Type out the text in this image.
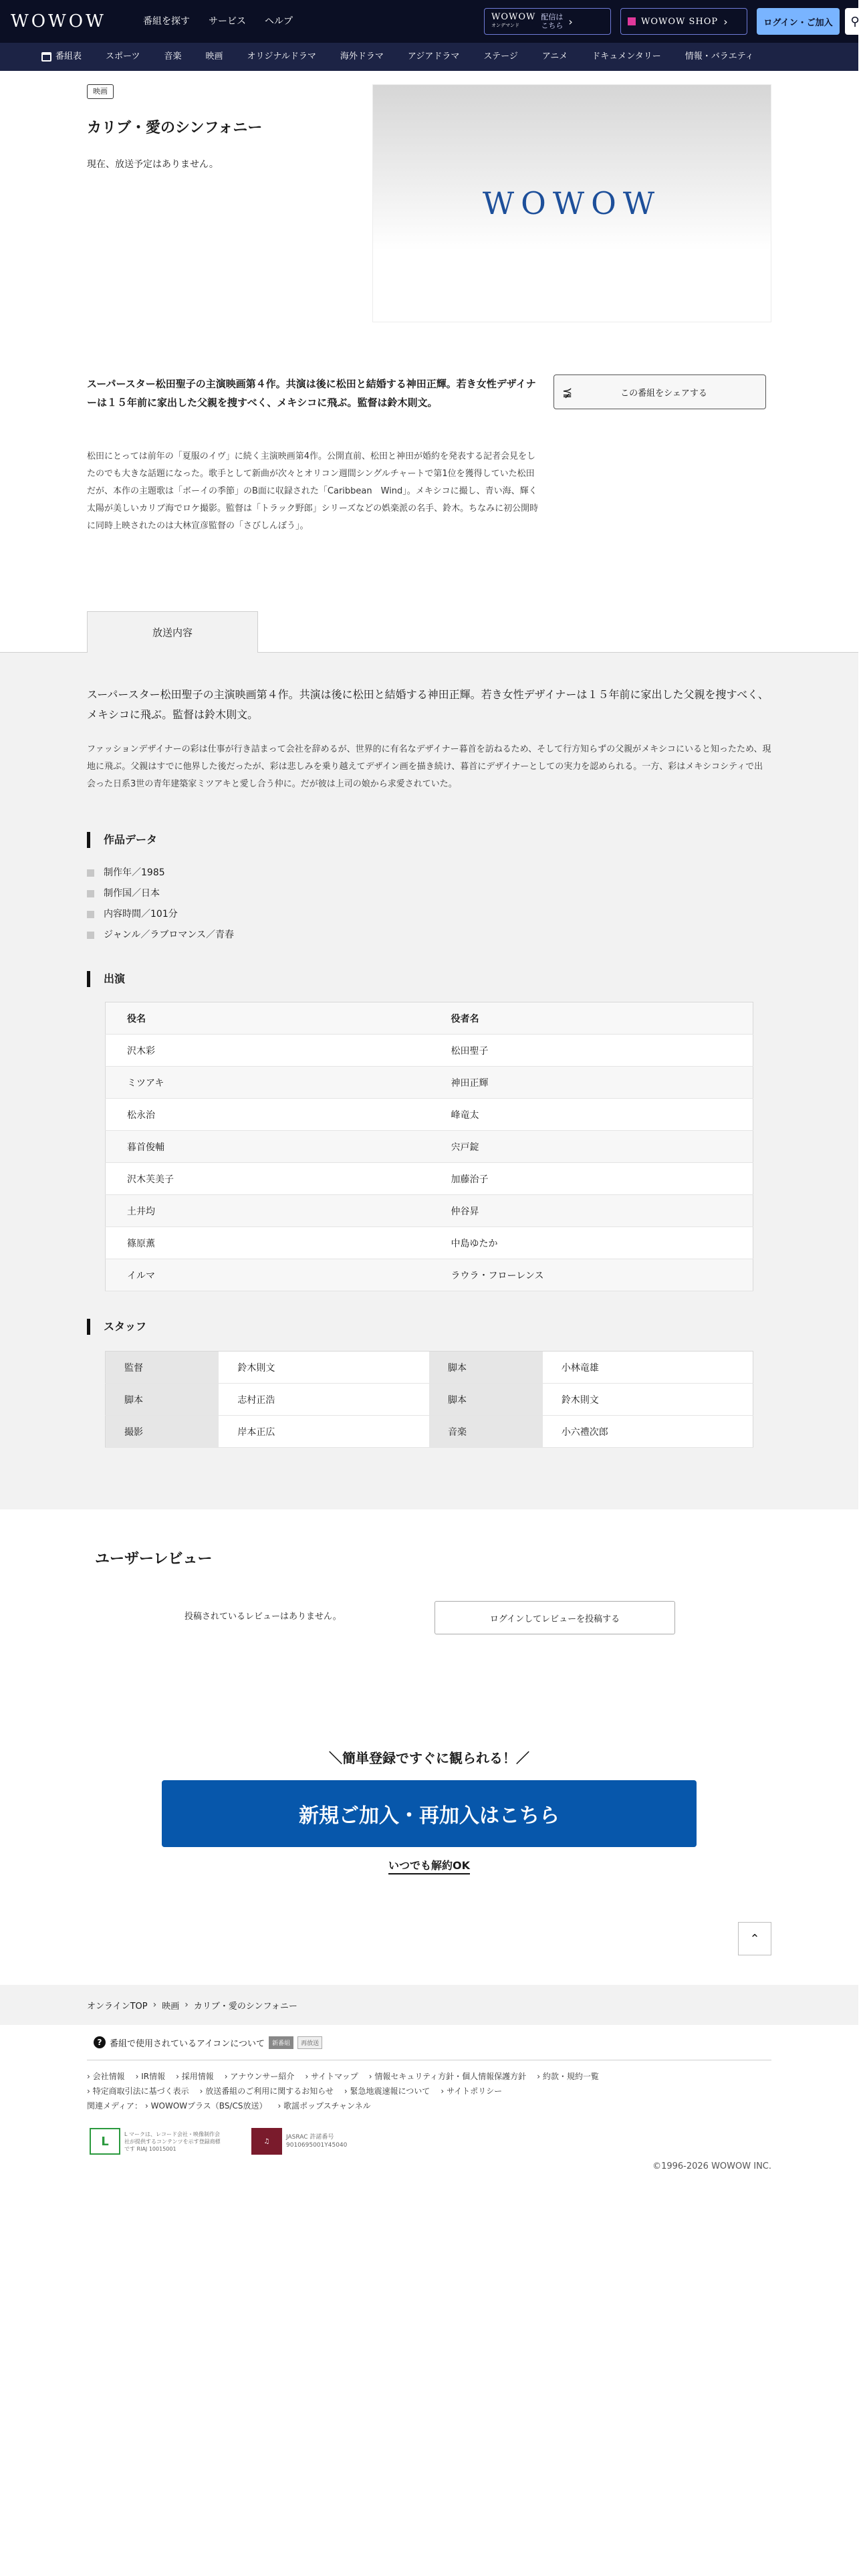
WOWOW	番組を探す	サービス	ヘルプ	WOWOW
オンデマンド
配信は
こちら ›	WOWOW SHOP ›	ログイン・ご加入	⚲
番組表	スポーツ	音楽	映画	オリジナルドラマ	海外ドラマ	アジアドラマ	ステージ	アニメ	ドキュメンタリー	情報・バラエティ
映画
カリブ・愛のシンフォニー

現在、放送予定はありません。

WOWOW

スーパースター松田聖子の主演映画第４作。共演は後に松田と結婚する神田正輝。若き女性デザイナーは１５年前に家出した父親を捜すべく、メキシコに飛ぶ。監督は鈴木則文。

松田にとっては前年の「夏服のイヴ」に続く主演映画第4作。公開直前、松田と神田が婚約を発表する記者会見をしたのでも大きな話題になった。歌手として新曲が次々とオリコン週間シングルチャートで第1位を獲得していた松田だが、本作の主題歌は「ボーイの季節」のB面に収録された「Caribbean　Wind」。メキシコに撮し、青い海、輝く太陽が美しいカリブ海でロケ撮影。監督は「トラック野郎」シリーズなどの娯楽派の名手、鈴木。ちなみに初公開時に同時上映されたのは大林宣彦監督の「さびしんぼう」。

⪵	この番組をシェアする
放送内容

スーパースター松田聖子の主演映画第４作。共演は後に松田と結婚する神田正輝。若き女性デザイナーは１５年前に家出した父親を捜すべく、メキシコに飛ぶ。監督は鈴木則文。

ファッションデザイナーの彩は仕事が行き詰まって会社を辞めるが、世界的に有名なデザイナー暮首を訪ねるため、そして行方知らずの父親がメキシコにいると知ったため、現地に飛ぶ。父親はすでに他界した後だったが、彩は悲しみを乗り越えてデザイン画を描き続け、暮首にデザイナーとしての実力を認められる。一方、彩はメキシコシティで出会った日系3世の青年建築家ミツアキと愛し合う仲に。だが彼は上司の娘から求愛されていた。

作品データ
制作年／1985
制作国／日本
内容時間／101分
ジャンル／ラブロマンス／青春
出演
役名	役者名
沢木彩	松田聖子
ミツアキ	神田正輝
松永治	峰竜太
暮首俊輔	宍戸錠
沢木芙美子	加藤治子
土井均	仲谷昇
篠原薫	中島ゆたか
イルマ	ラウラ・フローレンス
スタッフ
監督	鈴木則文	脚本	小林竜雄
脚本	志村正浩	脚本	鈴木則文
撮影	岸本正広	音楽	小六禮次郎
ユーザーレビュー

投稿されているレビューはありません。	ログインしてレビューを投稿する

＼簡単登録ですぐに観られる！／

新規ご加入・再加入はこちら

いつでも解約OK

⌃
オンラインTOP › 映画 › カリブ・愛のシンフォニー
? 番組で使用されているアイコンについて	新番組	再放送
› 会社情報	› IR情報	› 採用情報	› アナウンサー紹介	› サイトマップ	› 情報セキュリティ方針・個人情報保護方針	› 約款・規約一覧
› 特定商取引法に基づく表示	› 放送番組のご利用に関するお知らせ	› 緊急地震速報について	› サイトポリシー
関連メディア：	› WOWOWプラス（BS/CS放送）	› 歌謡ポップスチャンネル
L
L マークは、レコード会社・映像制作会社が提供するコンテンツを示す登録商標です RIAJ 10015001
♫
JASRAC 許諾番号
9010695001Y45040

©1996-2026 WOWOW INC.
